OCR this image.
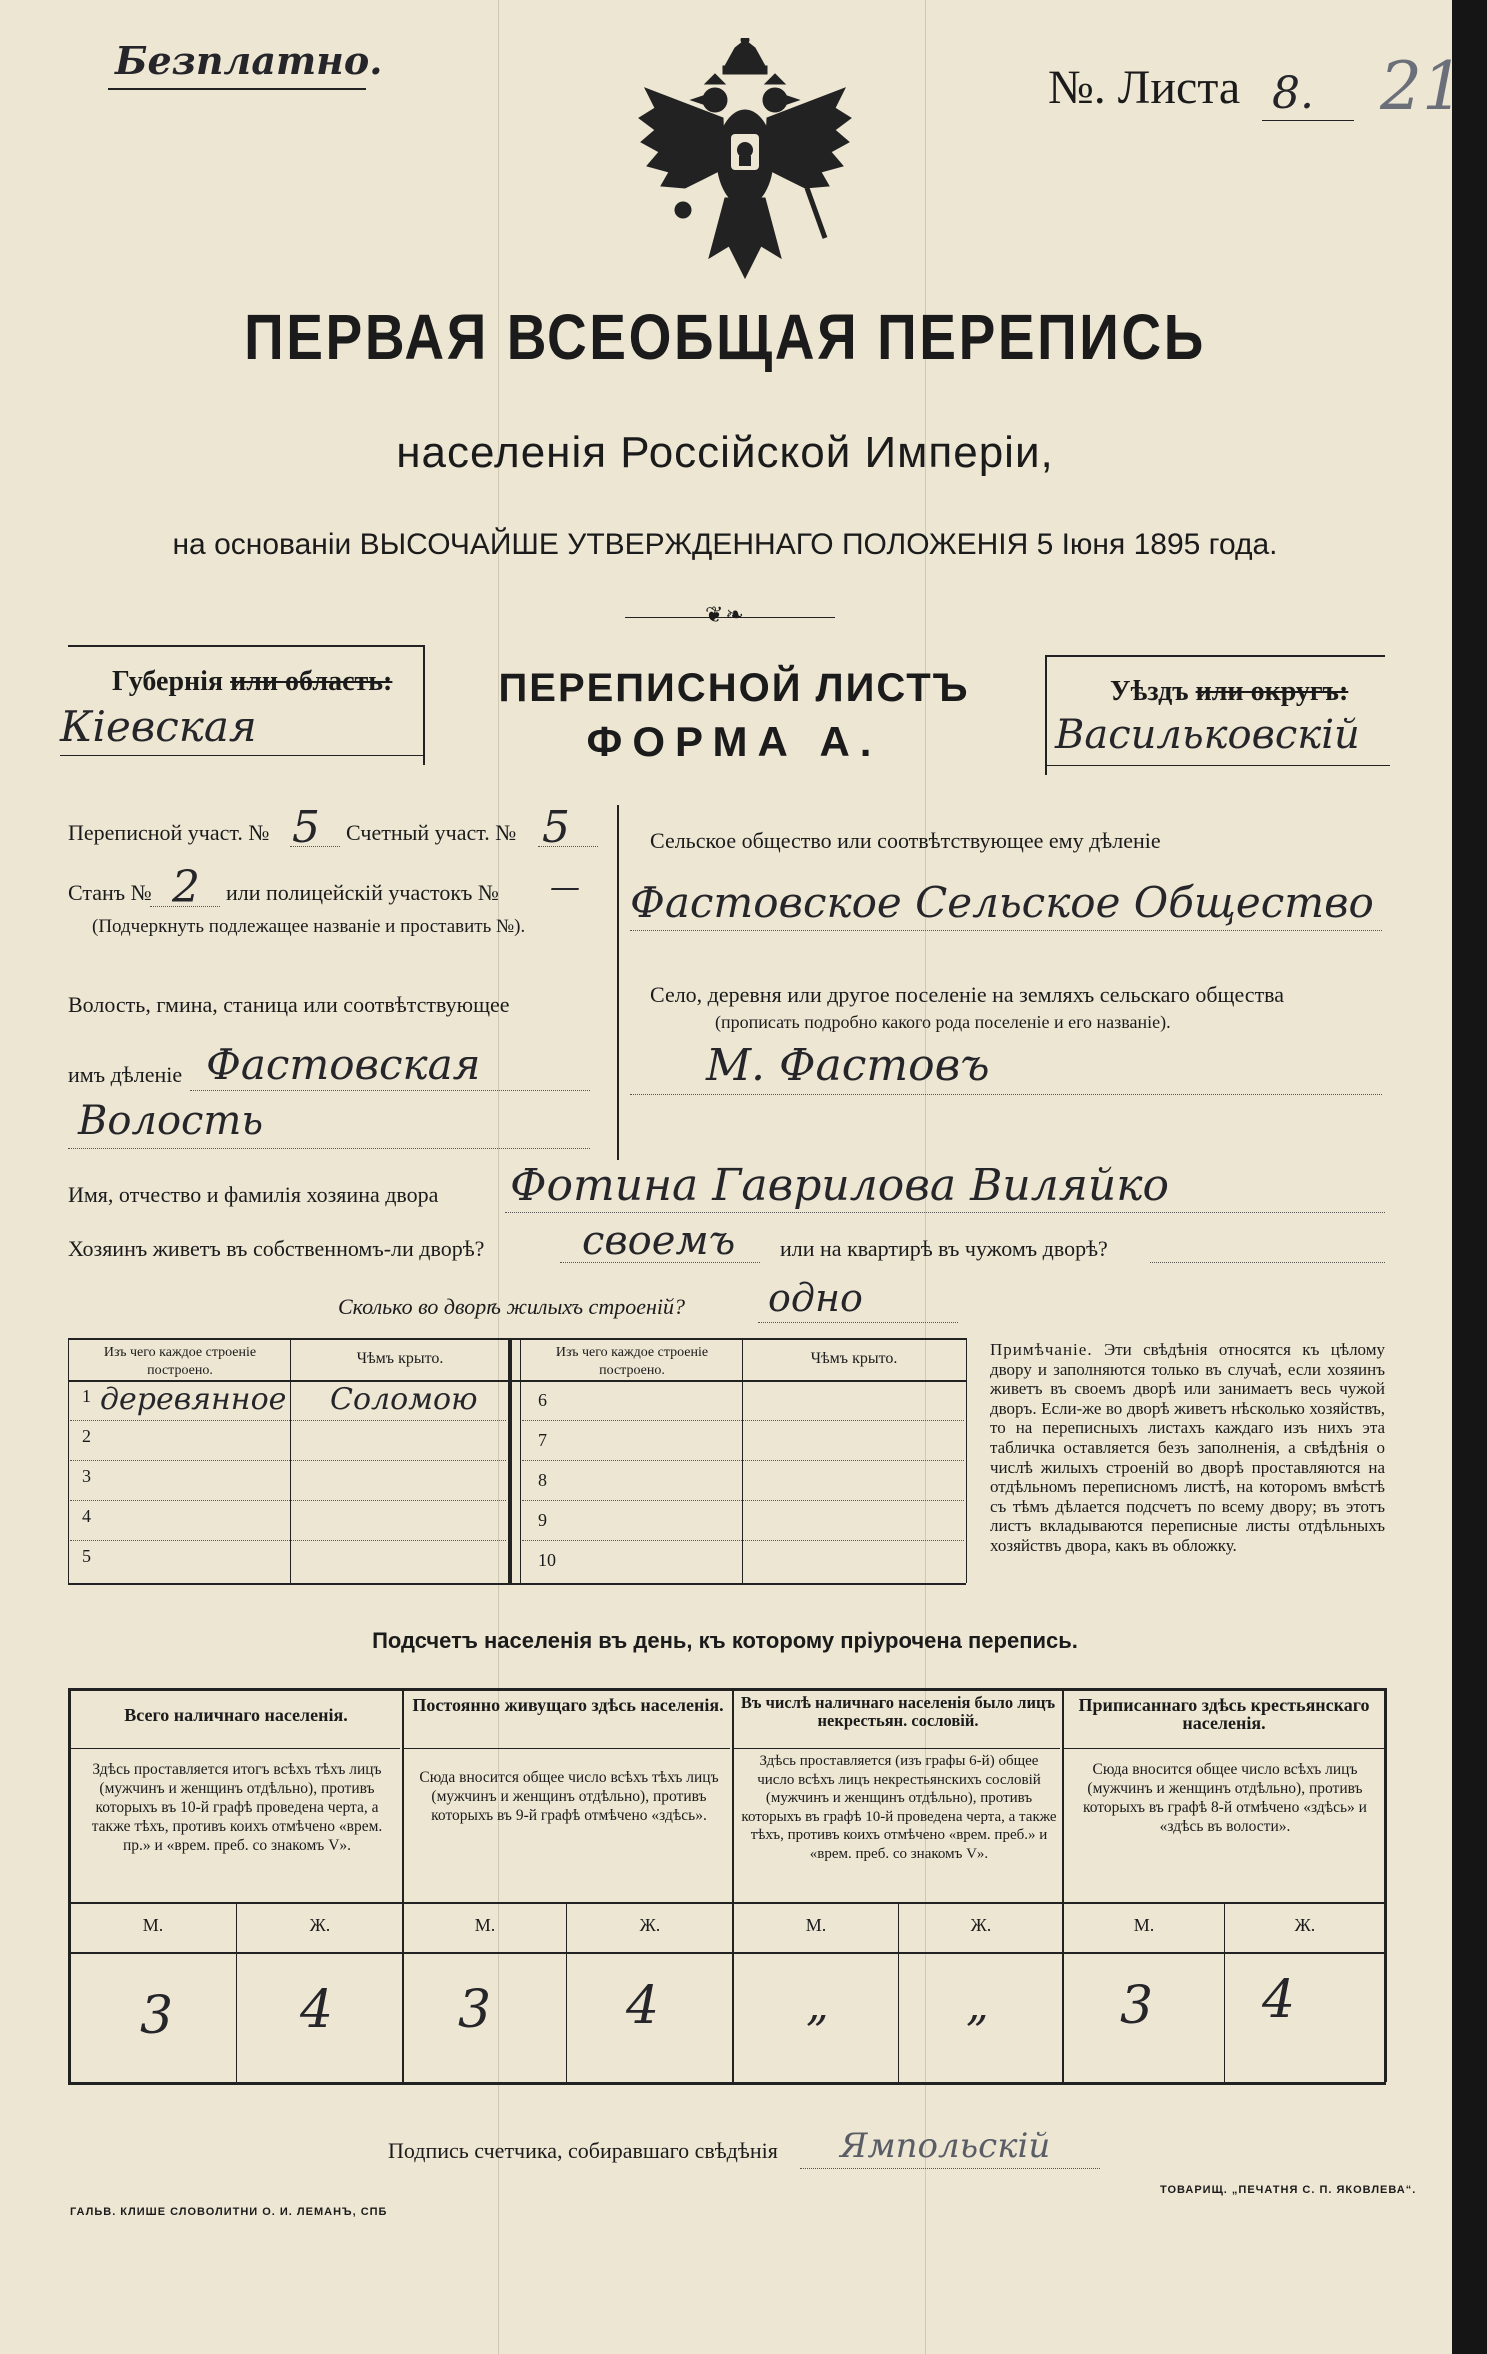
Безплатно.
№. Листа 8. 21
ПЕРВАЯ ВСЕОБЩАЯ ПЕРЕПИСЬ
населенія Россійской Имперіи,
на основаніи ВЫСОЧАЙШЕ УТВЕРЖДЕННАГО ПОЛОЖЕНІЯ 5 Іюня 1895 года.
❦❧
Губернія или область:
Кіевская
ПЕРЕПИСНОЙ ЛИСТЪ
ФОРМА А.
Уѣздъ или округъ:
Васильковскій
Переписной участ. № 5 Счетный участ. № 5
Станъ № 2 или полицейскій участокъ № —
(Подчеркнуть подлежащее названіе и проставить №).
Волость, гмина, станица или соотвѣтствующее
имъ дѣленіе Фастовская
Волость
Сельское общество или соотвѣтствующее ему дѣленіе
Фастовское Сельское Общество
Село, деревня или другое поселеніе на земляхъ сельскаго общества
(прописать подробно какого рода поселеніе и его названіе).
М. Фастовъ
Имя, отчество и фамилія хозяина двора Фотина Гаврилова Виляйко
Хозяинъ живетъ въ собственномъ-ли дворѣ? своемъ или на квартирѣ въ чужомъ дворѣ?
Сколько во дворѣ жилыхъ строеній? одно
Изъ чего каждое строеніе построено.
Чѣмъ крыто.	Изъ чего каждое строеніе построено.
Чѣмъ крыто.
1 деревянное Соломою
2
3
4
5
6
7
8
9
10
Примѣчаніе. Эти свѣдѣнія относятся къ цѣлому двору и заполняются только въ случаѣ, если хозяинъ живетъ въ своемъ дворѣ или занимаетъ весь чужой дворъ. Если-же во дворѣ живетъ нѣсколько хозяйствъ, то на переписныхъ листахъ каждаго изъ нихъ эта табличка оставляется безъ заполненія, а свѣдѣнія о числѣ жилыхъ строеній во дворѣ проставляются на отдѣльномъ переписномъ листѣ, на которомъ вмѣстѣ съ тѣмъ дѣлается подсчетъ по всему двору; въ этотъ листъ вкладываются переписные листы отдѣльныхъ хозяйствъ двора, какъ въ обложку.
Подсчетъ населенія въ день, къ которому пріурочена перепись.
Всего наличнаго населенія.
Здѣсь проставляется итогъ всѣхъ тѣхъ лицъ (мужчинъ и женщинъ отдѣльно), противъ которыхъ въ 10-й графѣ проведена черта, а также тѣхъ, противъ коихъ отмѣчено «врем. пр.» и «врем. преб. со знакомъ V».
М.	Ж.
3 4
Постоянно живущаго здѣсь населенія.
Сюда вносится общее число всѣхъ тѣхъ лицъ (мужчинъ и женщинъ отдѣльно), противъ которыхъ въ 9-й графѣ отмѣчено «здѣсь».
М.	Ж.
3	4
Въ числѣ наличнаго населенія было лицъ некрестьян. сословій.
Здѣсь проставляется (изъ графы 6-й) общее число всѣхъ лицъ некрестьянскихъ сословій (мужчинъ и женщинъ отдѣльно), противъ которыхъ въ графѣ 10-й проведена черта, а также тѣхъ, противъ коихъ отмѣчено «врем. преб.» и «врем. преб. со знакомъ V».
М.	Ж.
„	„
Приписаннаго здѣсь крестьянскаго населенія.
Сюда вносится общее число всѣхъ лицъ (мужчинъ и женщинъ отдѣльно), противъ которыхъ въ графѣ 8-й отмѣчено «здѣсь» и «здѣсь въ волости».
М.	Ж.
3 4
Подпись счетчика, собиравшаго свѣдѣнія Ямпольскій
ГАЛЬВ. КЛИШЕ СЛОВОЛИТНИ О. И. ЛЕМАНЪ, СПБ
ТОВАРИЩ. „ПЕЧАТНЯ С. П. ЯКОВЛЕВА“.
